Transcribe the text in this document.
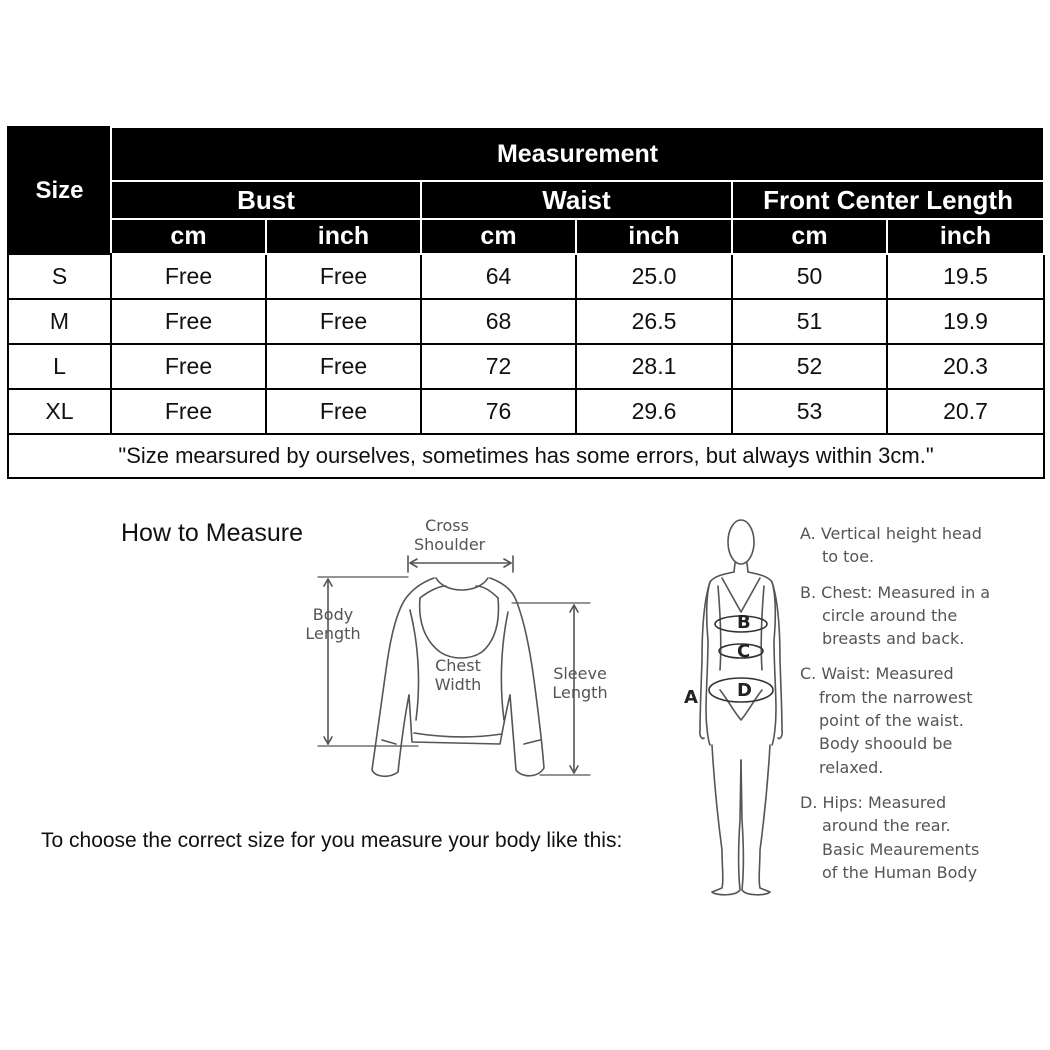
Size	Measurement					
	Bust		Waist		Front Center Length	
	cm	inch	cm	inch	cm	inch
S	Free	Free	64	25.0	50	19.5
M	Free	Free	68	26.5	51	19.9
L	Free	Free	72	28.1	52	20.3
XL	Free	Free	76	29.6	53	20.7
"Size mearsured by ourselves, sometimes has some errors, but always within 3cm."						
How to Measure	Cross
Shoulder
Body
Length
Chest
Width
Sleeve
Length
To choose the correct size for you measure your body like this:
B
C
D
A
A. Vertical height head
to toe.
B. Chest: Measured in a
circle around the
breasts and back.
C. Waist: Measured
from the narrowest
point of the waist.
Body shoould be
relaxed.
D. Hips: Measured
around the rear.
Basic Meaurements
of the Human Body
